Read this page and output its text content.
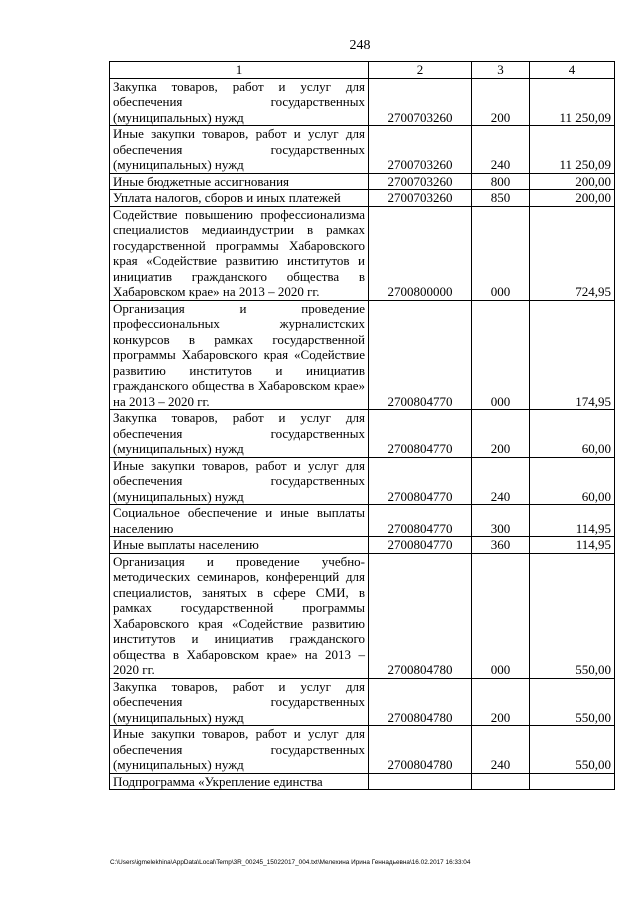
248
1	2	3	4
Закупка товаров, работ и услуг для обеспечения государственных (муниципальных) нужд	2700703260	200	11 250,09
Иные закупки товаров, работ и услуг для обеспечения государственных (муниципальных) нужд	2700703260	240	11 250,09
Иные бюджетные ассигнования	2700703260	800	200,00
Уплата налогов, сборов и иных платежей	2700703260	850	200,00
Содействие повышению профессионализма специалистов медиаиндустрии в рамках государственной программы Хабаровского края «Содействие развитию институтов и инициатив гражданского общества в Хабаровском крае» на 2013 – 2020 гг.	2700800000	000	724,95
Организация и проведение профессиональных журналистских конкурсов в рамках государственной программы Хабаровского края «Содействие развитию институтов и инициатив гражданского общества в Хабаровском крае» на 2013 – 2020 гг.	2700804770	000	174,95
Закупка товаров, работ и услуг для обеспечения государственных (муниципальных) нужд	2700804770	200	60,00
Иные закупки товаров, работ и услуг для обеспечения государственных (муниципальных) нужд	2700804770	240	60,00
Социальное обеспечение и иные выплаты населению	2700804770	300	114,95
Иные выплаты населению	2700804770	360	114,95
Организация и проведение учебно-методических семинаров, конференций для специалистов, занятых в сфере СМИ, в рамках государственной программы Хабаровского края «Содействие развитию институтов и инициатив гражданского общества в Хабаровском крае» на 2013 – 2020 гг.	2700804780	000	550,00
Закупка товаров, работ и услуг для обеспечения государственных (муниципальных) нужд	2700804780	200	550,00
Иные закупки товаров, работ и услуг для обеспечения государственных (муниципальных) нужд	2700804780	240	550,00
Подпрограмма «Укрепление единства			
C:\Users\igmelekhina\AppData\Local\Temp\3R_00245_15022017_004.txt\Мелехина Ирина Геннадьевна\16.02.2017 16:33:04
